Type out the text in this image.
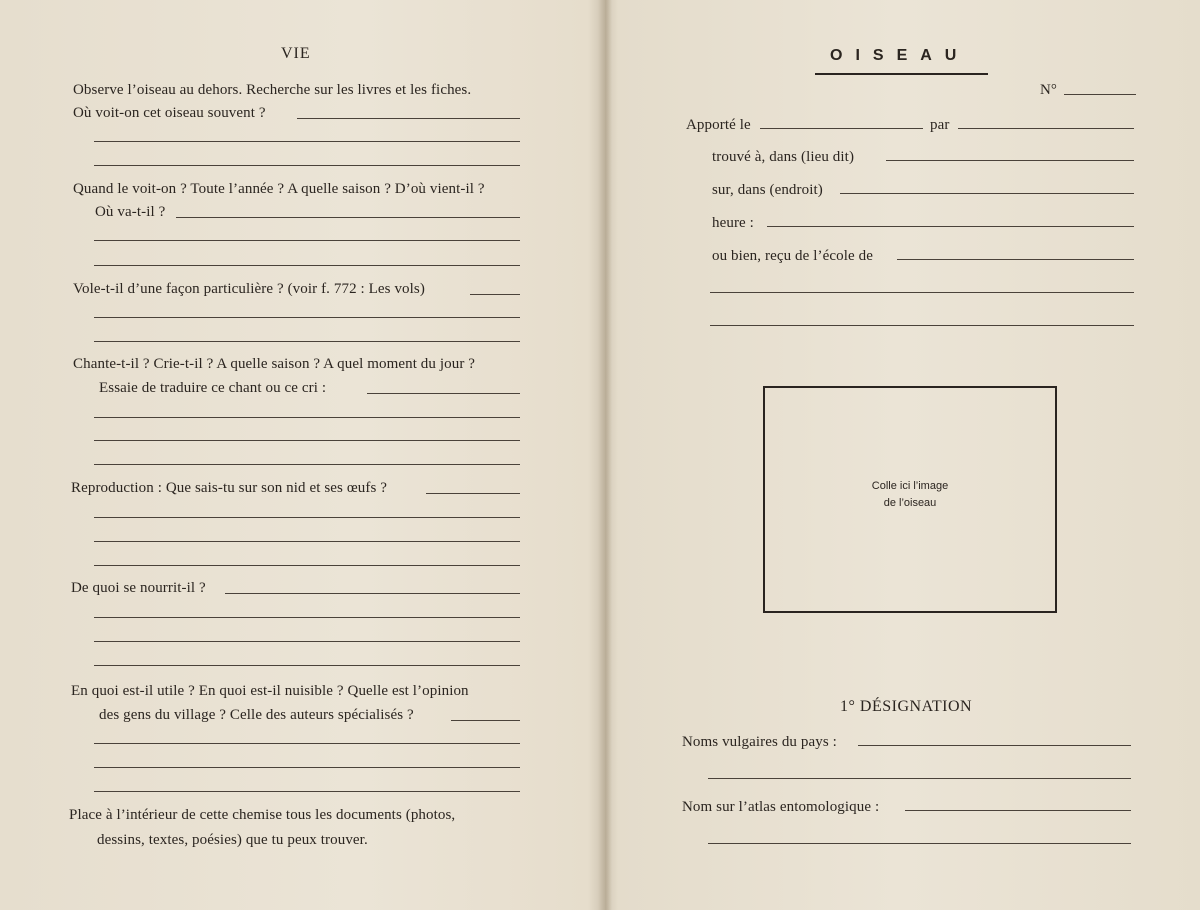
VIE
Observe l’oiseau au dehors. Recherche sur les livres et les fiches.
Où voit-on cet oiseau souvent ?
Quand le voit-on ? Toute l’année ? A quelle saison ? D’où vient-il ?
Où va-t-il ?
Vole-t-il d’une façon particulière ? (voir f. 772 : Les vols)
Chante-t-il ? Crie-t-il ? A quelle saison ? A quel moment du jour ?
Essaie de traduire ce chant ou ce cri :
Reproduction : Que sais-tu sur son nid et ses œufs ?
De quoi se nourrit-il ?
En quoi est-il utile ? En quoi est-il nuisible ? Quelle est l’opinion
des gens du village ? Celle des auteurs spécialisés ?
Place à l’intérieur de cette chemise tous les documents (photos,
dessins, textes, poésies) que tu peux trouver.
OISEAU
N°
Apporté le	par
trouvé à, dans (lieu dit)
sur, dans (endroit)
heure :
ou bien, reçu de l’école de
Colle ici l’image
de l’oiseau
1° DÉSIGNATION
Noms vulgaires du pays :
Nom sur l’atlas entomologique :
